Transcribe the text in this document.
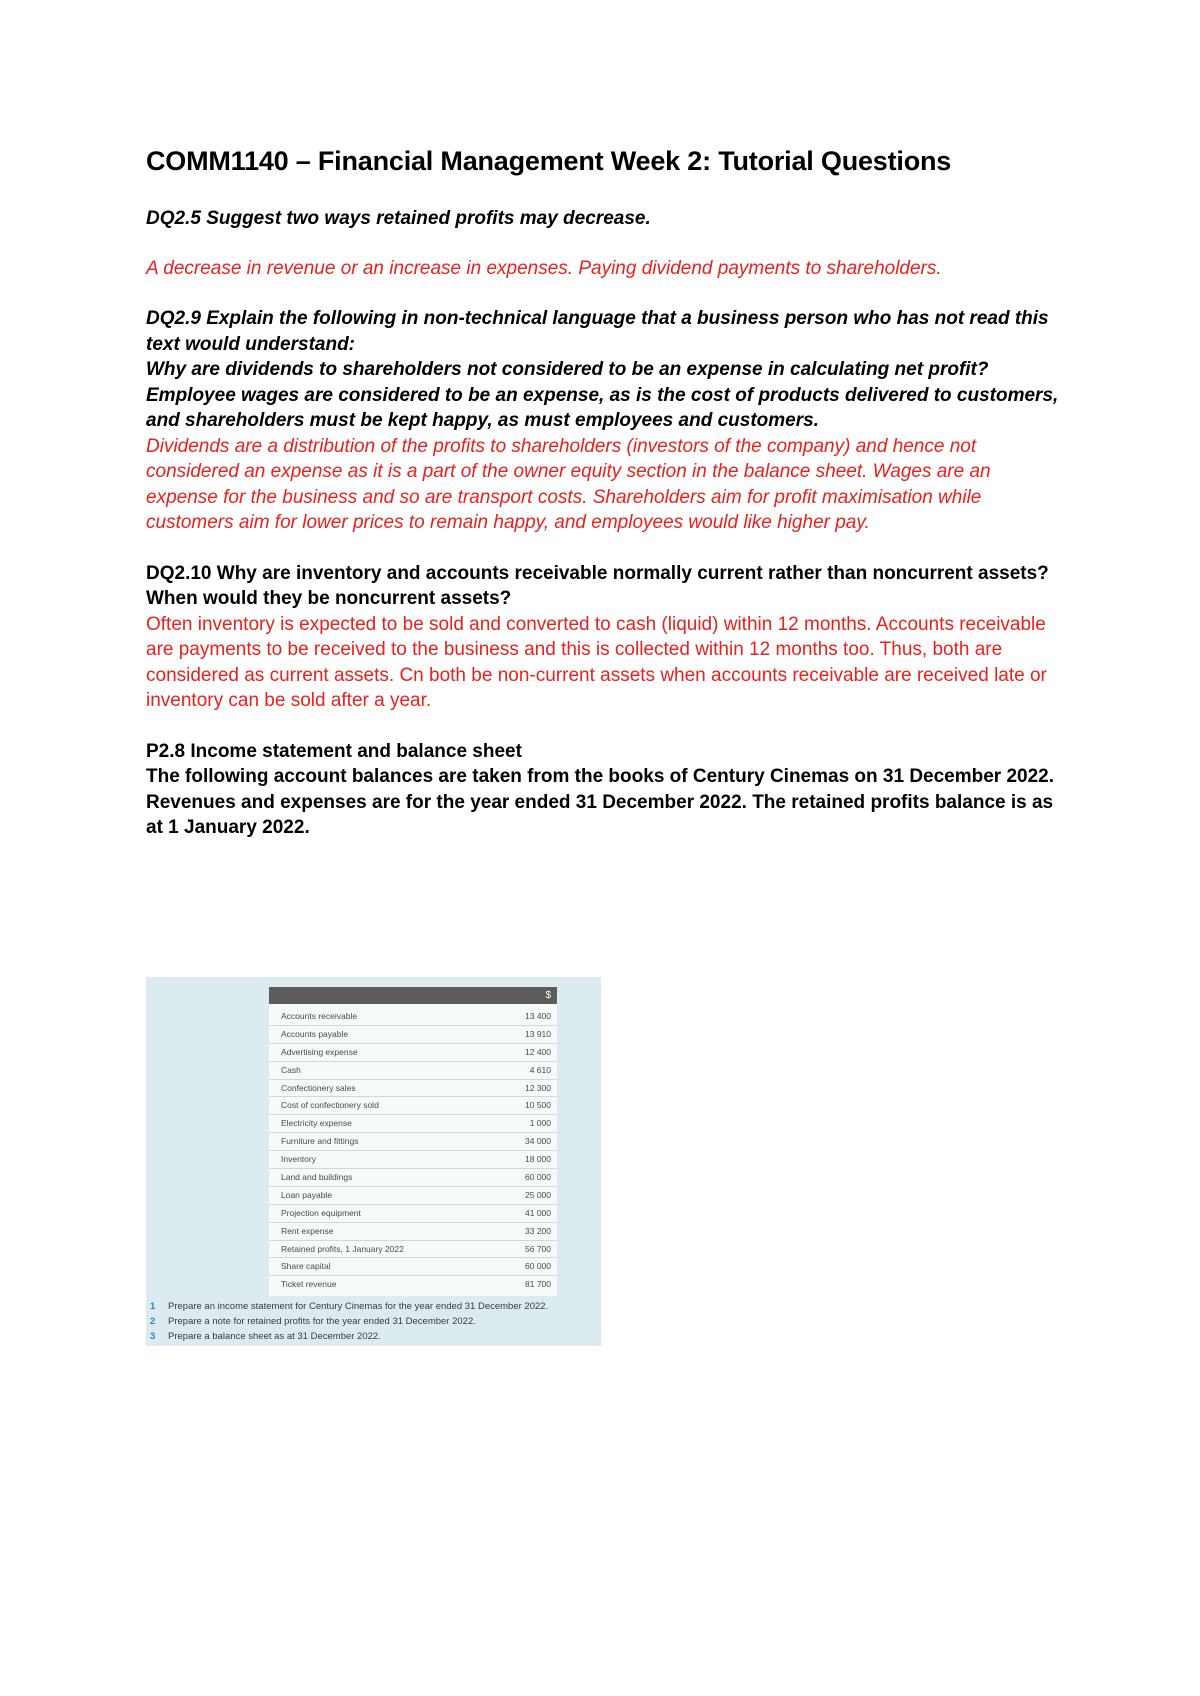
COMM1140 – Financial Management Week 2: Tutorial Questions

DQ2.5 Suggest two ways retained profits may decrease.

A decrease in revenue or an increase in expenses. Paying dividend payments to shareholders.

DQ2.9 Explain the following in non-technical language that a business person who has not read this text would understand:

Why are dividends to shareholders not considered to be an expense in calculating net profit? Employee wages are considered to be an expense, as is the cost of products delivered to customers, and shareholders must be kept happy, as must employees and customers.

Dividends are a distribution of the profits to shareholders (investors of the company) and hence not considered an expense as it is a part of the owner equity section in the balance sheet. Wages are an expense for the business and so are transport costs. Shareholders aim for profit maximisation while customers aim for lower prices to remain happy, and employees would like higher pay.

DQ2.10 Why are inventory and accounts receivable normally current rather than noncurrent assets? When would they be noncurrent assets?

Often inventory is expected to be sold and converted to cash (liquid) within 12 months. Accounts receivable are payments to be received to the business and this is collected within 12 months too. Thus, both are considered as current assets. Cn both be non-current assets when accounts receivable are received late or inventory can be sold after a year.

P2.8 Income statement and balance sheet

The following account balances are taken from the books of Century Cinemas on 31 December 2022.

Revenues and expenses are for the year ended 31 December 2022. The retained profits balance is as at 1 January 2022.

$
Accounts receivable	13 400
Accounts payable	13 910
Advertising expense	12 400
Cash	4 610
Confectionery sales	12 300
Cost of confectionery sold	10 500
Electricity expense	1 000
Furniture and fittings	34 000
Inventory	18 000
Land and buildings	60 000
Loan payable	25 000
Projection equipment	41 000
Rent expense	33 200
Retained profits, 1 January 2022	56 700
Share capital	60 000
Ticket revenue	81 700
1	Prepare an income statement for Century Cinemas for the year ended 31 December 2022.
2	Prepare a note for retained profits for the year ended 31 December 2022.
3	Prepare a balance sheet as at 31 December 2022.
